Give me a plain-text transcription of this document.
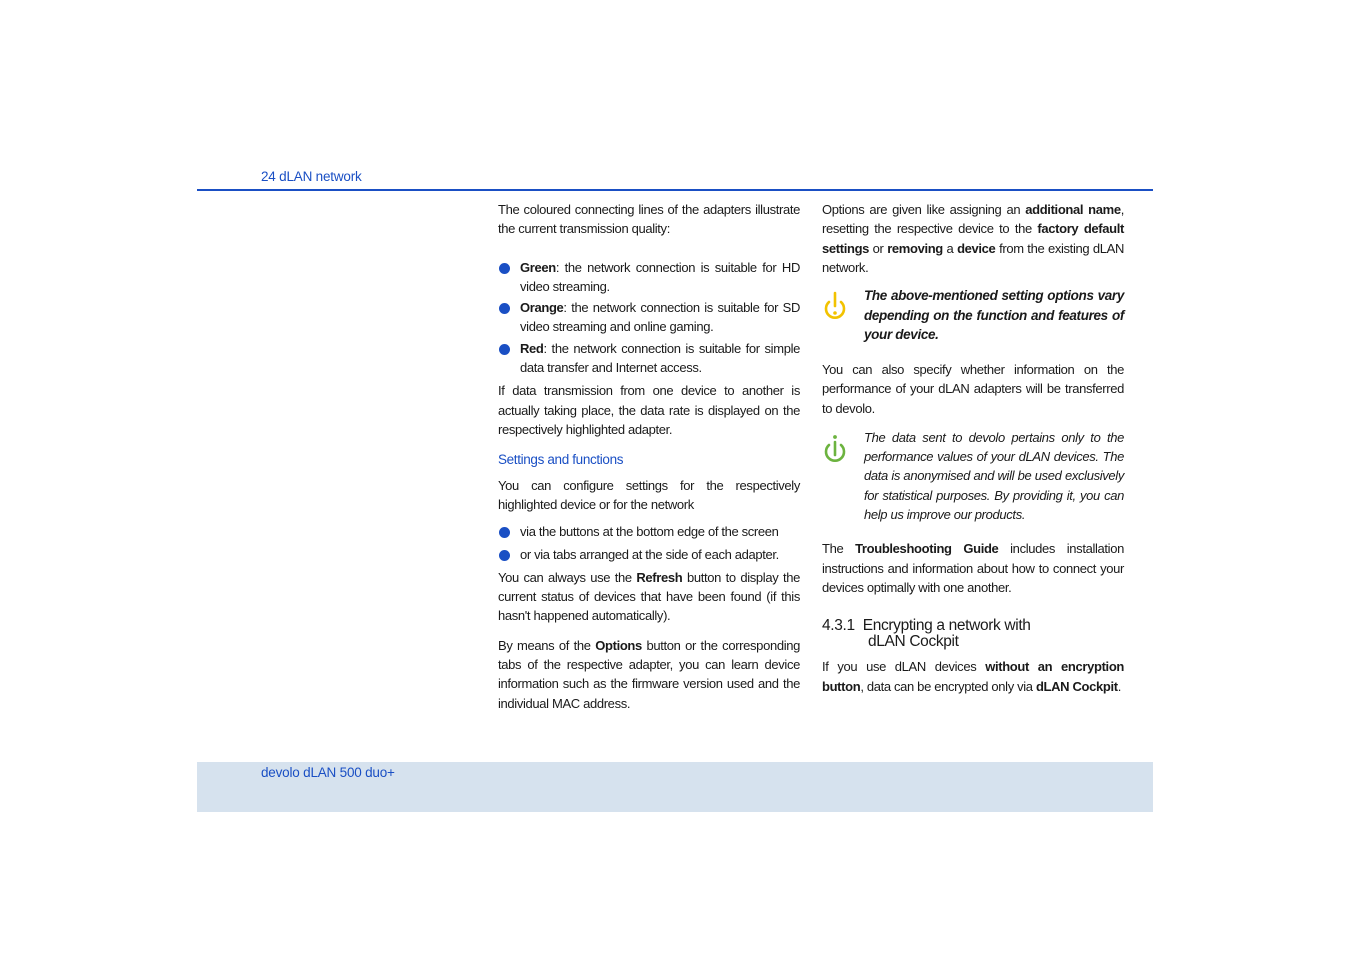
24 dLAN network

The coloured connecting lines of the adapters illustrate the current transmission quality:

Green: the network connection is suitable for HD video streaming.
Orange: the network connection is suitable for SD video streaming and online gaming.
Red: the network connection is suitable for simple data transfer and Internet access.

If data transmission from one device to another is actually taking place, the data rate is displayed on the respectively highlighted adapter.

Settings and functions

You can configure settings for the respectively highlighted device or for the network

via the buttons at the bottom edge of the screen
or via tabs arranged at the side of each adapter.

You can always use the Refresh button to display the current status of devices that have been found (if this hasn't happened automatically).

By means of the Options button or the corresponding tabs of the respective adapter, you can learn device information such as the firmware version used and the individual MAC address.

Options are given like assigning an additional name, resetting the respective device to the factory default settings or removing a device from the existing dLAN network.

The above-mentioned setting options vary depending on the function and features of your device.

You can also specify whether information on the performance of your dLAN adapters will be transferred to devolo.

The data sent to devolo pertains only to the performance values of your dLAN devices. The data is anonymised and will be used exclusively for statistical purposes. By providing it, you can help us improve our products.

The Troubleshooting Guide includes installation instructions and information about how to connect your devices optimally with one another.

4.3.1 Encrypting a network with
dLAN Cockpit

If you use dLAN devices without an encryption button, data can be encrypted only via dLAN Cockpit.

devolo dLAN 500 duo+
